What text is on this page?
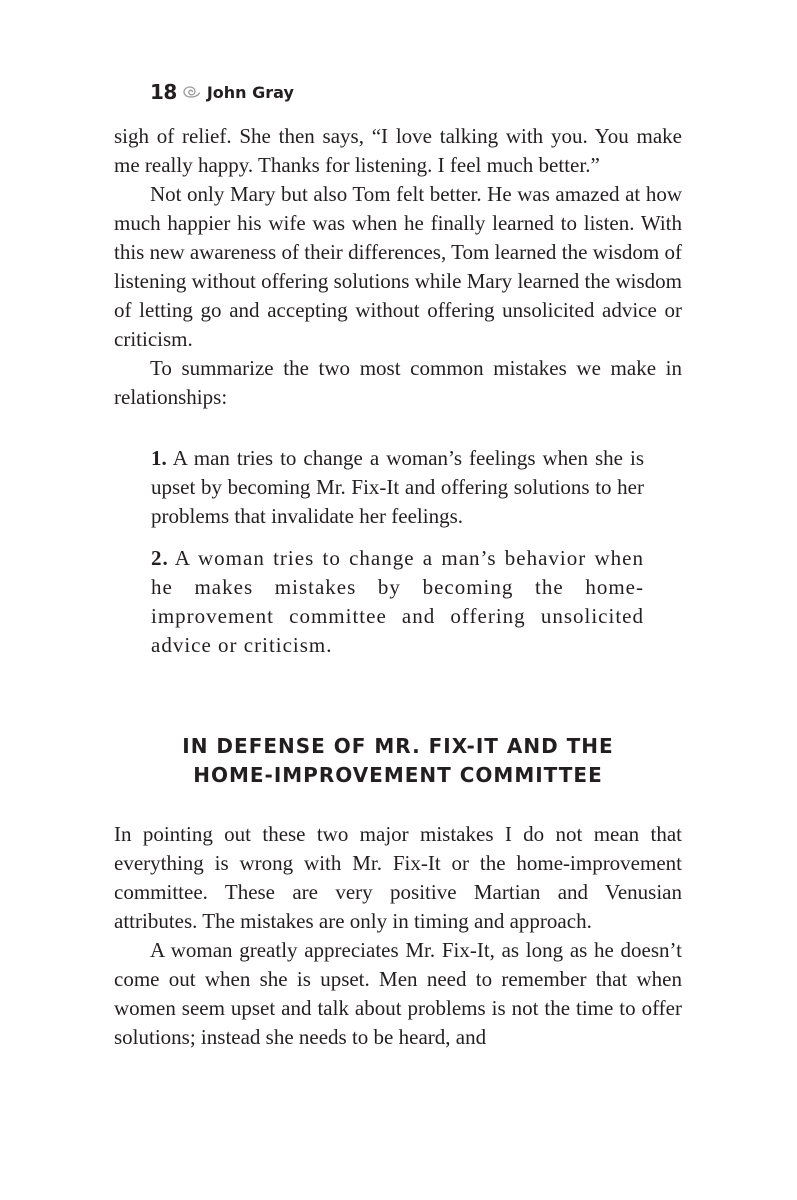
18 John Gray

sigh of relief. She then says, “I love talking with you. You make me really happy. Thanks for listening. I feel much better.”

Not only Mary but also Tom felt better. He was amazed at how much happier his wife was when he finally learned to listen. With this new awareness of their differences, Tom learned the wisdom of listening without offering solutions while Mary learned the wisdom of letting go and accepting without offering unsolicited advice or criticism.

To summarize the two most common mistakes we make in relationships:

1. A man tries to change a woman’s feelings when she is upset by becoming Mr. Fix-It and offering solutions to her problems that invalidate her feelings.
2. A woman tries to change a man’s behavior when he makes mistakes by becoming the home-improvement committee and offering unsolicited advice or criticism.
IN DEFENSE OF MR. FIX-IT AND THE
HOME-IMPROVEMENT COMMITTEE

In pointing out these two major mistakes I do not mean that everything is wrong with Mr. Fix-It or the home-improvement committee. These are very positive Martian and Venusian attributes. The mistakes are only in timing and approach.

A woman greatly appreciates Mr. Fix-It, as long as he doesn’t come out when she is upset. Men need to remember that when women seem upset and talk about problems is not the time to offer solutions; instead she needs to be heard, and
